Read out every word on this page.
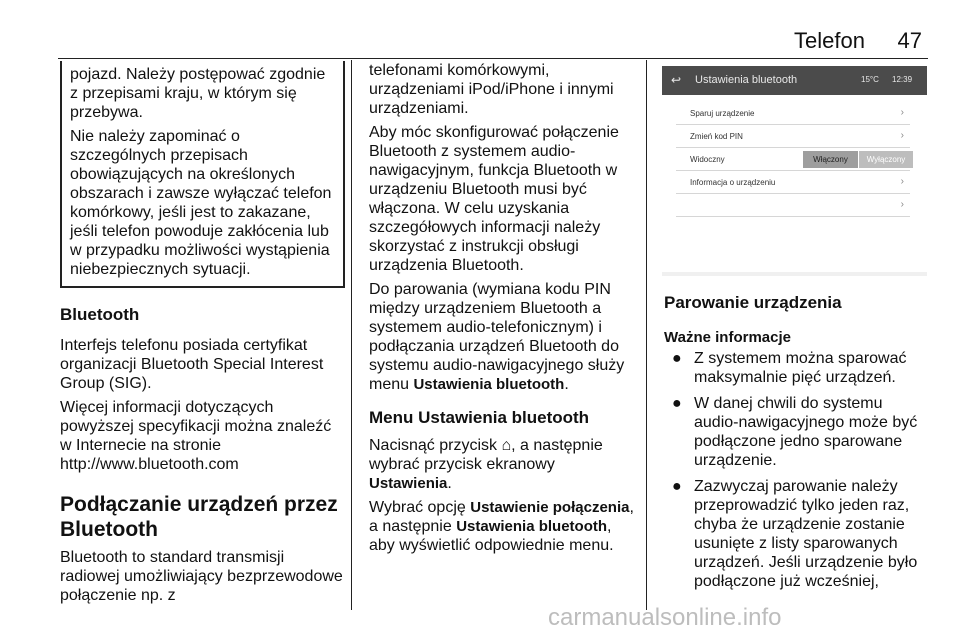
Telefon 47

pojazd. Należy postępować zgodnie z przepisami kraju, w którym się przebywa.

Nie należy zapominać o szczególnych przepisach obowiązujących na określonych obszarach i zawsze wyłączać telefon komórkowy, jeśli jest to zakazane, jeśli telefon powoduje zakłócenia lub w przypadku możliwości wystąpienia niebezpiecznych sytuacji.

Bluetooth

Interfejs telefonu posiada certyfikat organizacji Bluetooth Special Interest Group (SIG).

Więcej informacji dotyczących powyższej specyfikacji można znaleźć w Internecie na stronie http://www.bluetooth.com

Podłączanie urządzeń przez Bluetooth

Bluetooth to standard transmisji radiowej umożliwiający bezprzewodowe połączenie np. z

telefonami komórkowymi, urządzeniami iPod/iPhone i innymi urządzeniami.

Aby móc skonfigurować połączenie Bluetooth z systemem audio-nawigacyjnym, funkcja Bluetooth w urządzeniu Bluetooth musi być włączona. W celu uzyskania szczegółowych informacji należy skorzystać z instrukcji obsługi urządzenia Bluetooth.

Do parowania (wymiana kodu PIN między urządzeniem Bluetooth a systemem audio-telefonicznym) i podłączania urządzeń Bluetooth do systemu audio-nawigacyjnego służy menu Ustawienia bluetooth.

Menu Ustawienia bluetooth

Nacisnąć przycisk ⌂, a następnie wybrać przycisk ekranowy
Ustawienia.

Wybrać opcję Ustawienie połączenia, a następnie Ustawienia bluetooth, aby wyświetlić odpowiednie menu.

↩ Ustawienia bluetooth	15°C 12:39
Sparuj urządzenie	›
Zmień kod PIN	›
Widoczny	Włączony	Wyłączony
Informacja o urządzeniu	›
›
Parowanie urządzenia
Ważne informacje
● Z systemem można sparować maksymalnie pięć urządzeń.
● W danej chwili do systemu audio-nawigacyjnego może być podłączone jedno sparowane urządzenie.
● Zazwyczaj parowanie należy przeprowadzić tylko jeden raz, chyba że urządzenie zostanie usunięte z listy sparowanych urządzeń. Jeśli urządzenie było podłączone już wcześniej,
carmanualsonline.info
